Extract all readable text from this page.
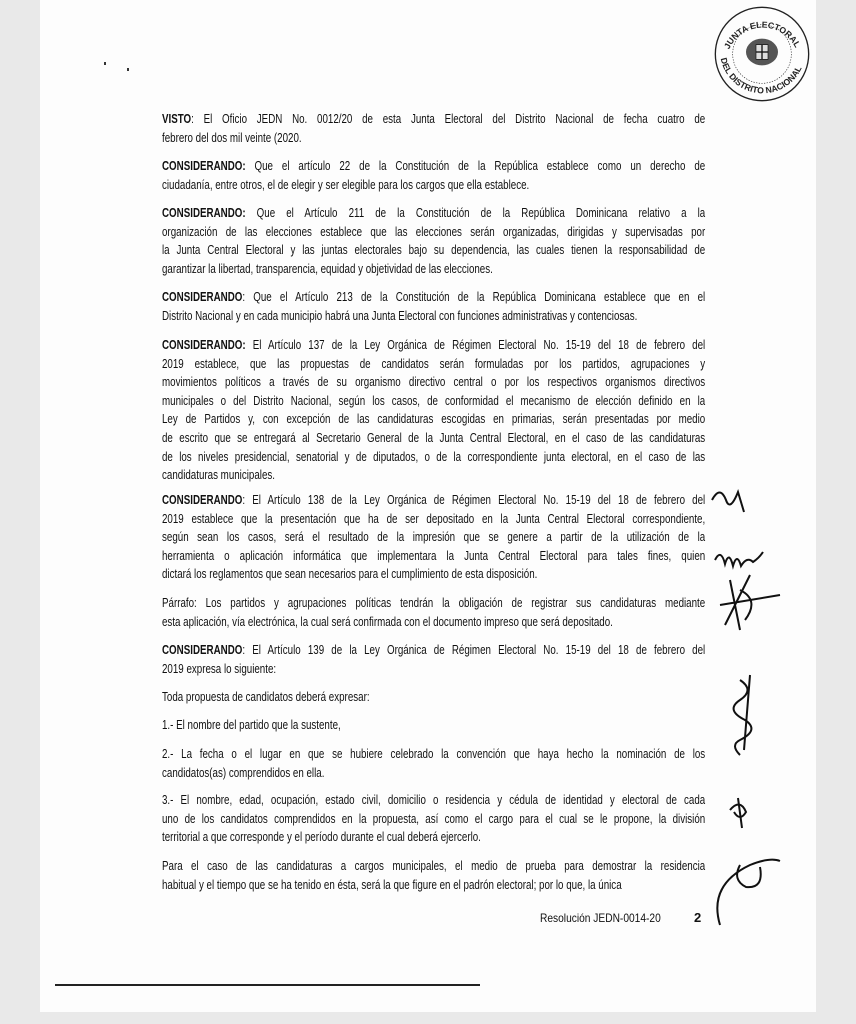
VISTO: El Oficio JEDN No. 0012/20 de esta Junta Electoral del Distrito Nacional de fecha cuatro de
febrero del dos mil veinte (2020.
CONSIDERANDO: Que el artículo 22 de la Constitución de la República establece como un derecho de
ciudadanía, entre otros, el de elegir y ser elegible para los cargos que ella establece.
CONSIDERANDO: Que el Artículo 211 de la Constitución de la República Dominicana relativo a la
organización de las elecciones establece que las elecciones serán organizadas, dirigidas y supervisadas por
la Junta Central Electoral y las juntas electorales bajo su dependencia, las cuales tienen la responsabilidad de
garantizar la libertad, transparencia, equidad y objetividad de las elecciones.
CONSIDERANDO: Que el Artículo 213 de la Constitución de la República Dominicana establece que en el
Distrito Nacional y en cada municipio habrá una Junta Electoral con funciones administrativas y contenciosas.
CONSIDERANDO: El Artículo 137 de la Ley Orgánica de Régimen Electoral No. 15-19 del 18 de febrero del
2019 establece, que las propuestas de candidatos serán formuladas por los partidos, agrupaciones y
movimientos políticos a través de su organismo directivo central o por los respectivos organismos directivos
municipales o del Distrito Nacional, según los casos, de conformidad el mecanismo de elección definido en la
Ley de Partidos y, con excepción de las candidaturas escogidas en primarias, serán presentadas por medio
de escrito que se entregará al Secretario General de la Junta Central Electoral, en el caso de las candidaturas
de los niveles presidencial, senatorial y de diputados, o de la correspondiente junta electoral, en el caso de las
candidaturas municipales.
CONSIDERANDO: El Artículo 138 de la Ley Orgánica de Régimen Electoral No. 15-19 del 18 de febrero del
2019 establece que la presentación que ha de ser depositado en la Junta Central Electoral correspondiente,
según sean los casos, será el resultado de la impresión que se genere a partir de la utilización de la
herramienta o aplicación informática que implementara la Junta Central Electoral para tales fines, quien
dictará los reglamentos que sean necesarios para el cumplimiento de esta disposición.
Párrafo: Los partidos y agrupaciones políticas tendrán la obligación de registrar sus candidaturas mediante
esta aplicación, vía electrónica, la cual será confirmada con el documento impreso que será depositado.
CONSIDERANDO: El Artículo 139 de la Ley Orgánica de Régimen Electoral No. 15-19 del 18 de febrero del
2019 expresa lo siguiente:
Toda propuesta de candidatos deberá expresar:
1.- El nombre del partido que la sustente,
2.- La fecha o el lugar en que se hubiere celebrado la convención que haya hecho la nominación de los
candidatos(as) comprendidos en ella.
3.- El nombre, edad, ocupación, estado civil, domicilio o residencia y cédula de identidad y electoral de cada
uno de los candidatos comprendidos en la propuesta, así como el cargo para el cual se le propone, la división
territorial a que corresponde y el período durante el cual deberá ejercerlo.
Para el caso de las candidaturas a cargos municipales, el medio de prueba para demostrar la residencia
habitual y el tiempo que se ha tenido en ésta, será la que figure en el padrón electoral; por lo que, la única
JUNTA ELECTORAL
DEL DISTRITO NACIONAL
Resolución JEDN-0014-20	2
